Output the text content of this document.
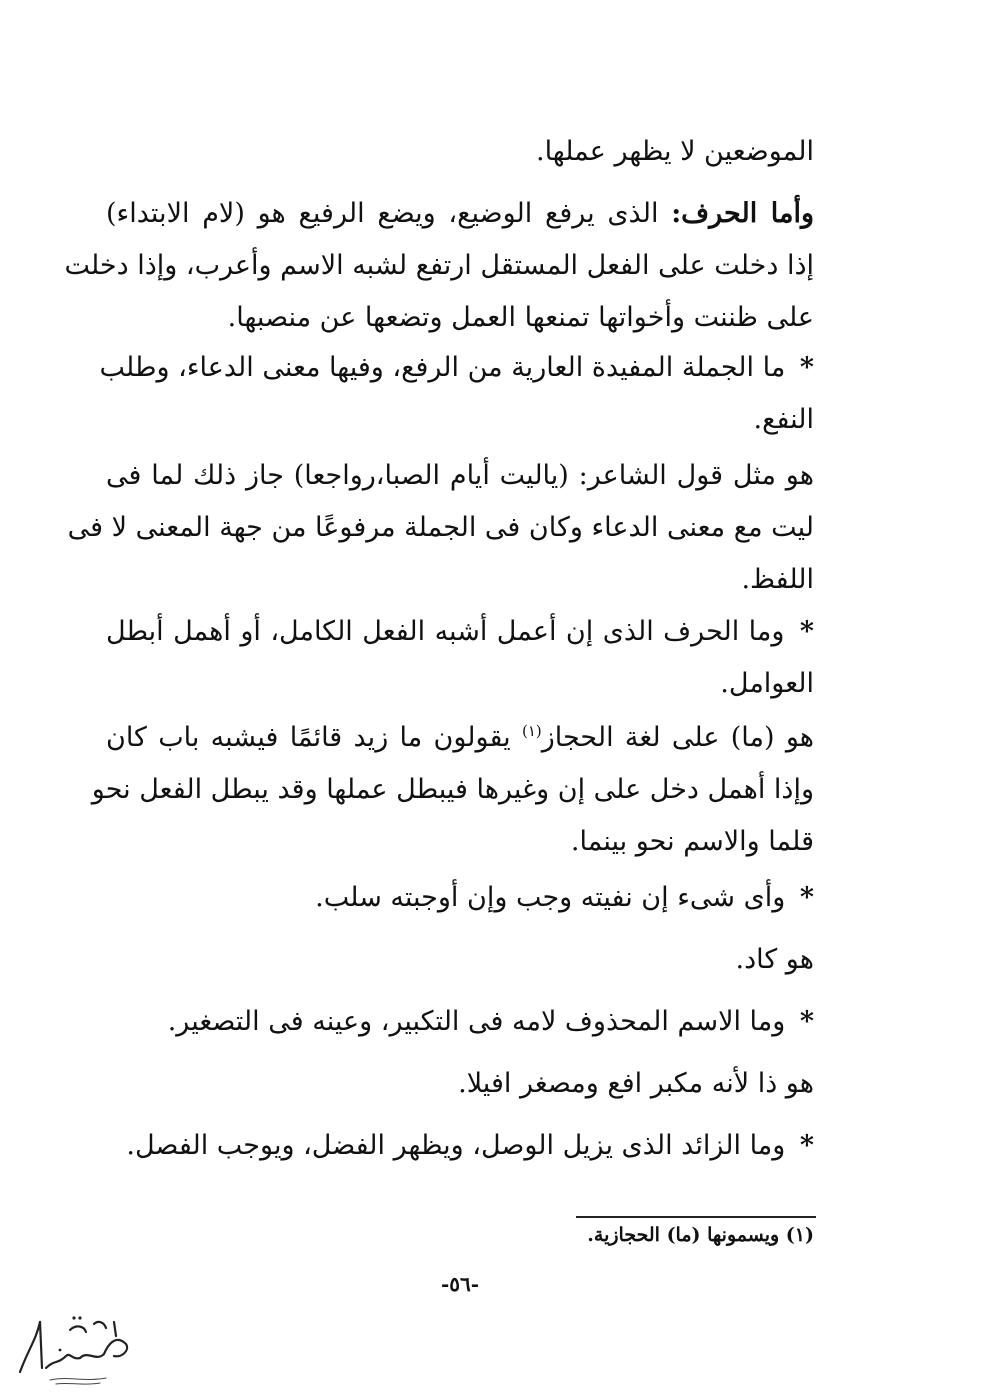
الموضعين لا يظهر عملها.
وأما الحرف: الذى يرفع الوضيع، ويضع الرفيع هو (لام الابتداء)
إذا دخلت على الفعل المستقل ارتفع لشبه الاسم وأعرب، وإذا دخلت
على ظننت وأخواتها تمنعها العمل وتضعها عن منصبها.
* ما الجملة المفيدة العارية من الرفع، وفيها معنى الدعاء، وطلب
النفع.
هو مثل قول الشاعر: (ياليت أيام الصبا،رواجعا) جاز ذلك لما فى
ليت مع معنى الدعاء وكان فى الجملة مرفوعًا من جهة المعنى لا فى
اللفظ.
* وما الحرف الذى إن أعمل أشبه الفعل الكامل، أو أهمل أبطل
العوامل.
هو (ما) على لغة الحجاز$^{(١)}$ يقولون ما زيد قائمًا فيشبه باب كان
وإذا أهمل دخل على إن وغيرها فيبطل عملها وقد يبطل الفعل نحو
قلما والاسم نحو بينما.
* وأى شىء إن نفيته وجب وإن أوجبته سلب.
هو كاد.
* وما الاسم المحذوف لامه فى التكبير، وعينه فى التصغير.
هو ذا لأنه مكبر افع ومصغر افيلا.
* وما الزائد الذى يزيل الوصل، ويظهر الفضل، ويوجب الفصل.
(١) ويسمونها (ما) الحجازية.
-٥٦-
